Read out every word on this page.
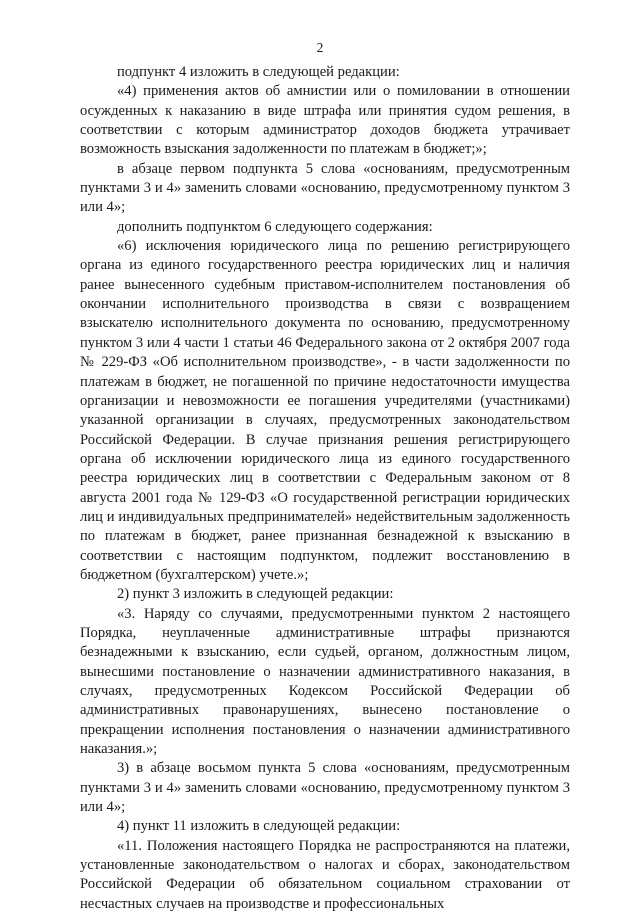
2

подпункт 4 изложить в следующей редакции:

«4) применения актов об амнистии или о помиловании в отношении осужденных к наказанию в виде штрафа или принятия судом решения, в соответствии с которым администратор доходов бюджета утрачивает возможность взыскания задолженности по платежам в бюджет;»;

в абзаце первом подпункта 5 слова «основаниям, предусмотренным пунктами 3 и 4» заменить словами «основанию, предусмотренному пунктом 3 или 4»;

дополнить подпунктом 6 следующего содержания:

«6) исключения юридического лица по решению регистрирующего органа из единого государственного реестра юридических лиц и наличия ранее вынесенного судебным приставом-исполнителем постановления об окончании исполнительного производства в связи с возвращением взыскателю исполнительного документа по основанию, предусмотренному пунктом 3 или 4 части 1 статьи 46 Федерального закона от 2 октября 2007 года № 229-ФЗ «Об исполнительном производстве», - в части задолженности по платежам в бюджет, не погашенной по причине недостаточности имущества организации и невозможности ее погашения учредителями (участниками) указанной организации в случаях, предусмотренных законодательством Российской Федерации. В случае признания решения регистрирующего органа об исключении юридического лица из единого государственного реестра юридических лиц в соответствии с Федеральным законом от 8 августа 2001 года № 129-ФЗ «О государственной регистрации юридических лиц и индивидуальных предпринимателей» недействительным задолженность по платежам в бюджет, ранее признанная безнадежной к взысканию в соответствии с настоящим подпунктом, подлежит восстановлению в бюджетном (бухгалтерском) учете.»;

2) пункт 3 изложить в следующей редакции:

«3. Наряду со случаями, предусмотренными пунктом 2 настоящего Порядка, неуплаченные административные штрафы признаются безнадежными к взысканию, если судьей, органом, должностным лицом, вынесшими постановление о назначении административного наказания, в случаях, предусмотренных Кодексом Российской Федерации об административных правонарушениях, вынесено постановление о прекращении исполнения постановления о назначении административного наказания.»;

3) в абзаце восьмом пункта 5 слова «основаниям, предусмотренным пунктами 3 и 4» заменить словами «основанию, предусмотренному пунктом 3 или 4»;

4) пункт 11 изложить в следующей редакции:

«11. Положения настоящего Порядка не распространяются на платежи, установленные законодательством о налогах и сборах, законодательством Российской Федерации об обязательном социальном страховании от несчастных случаев на производстве и профессиональных
